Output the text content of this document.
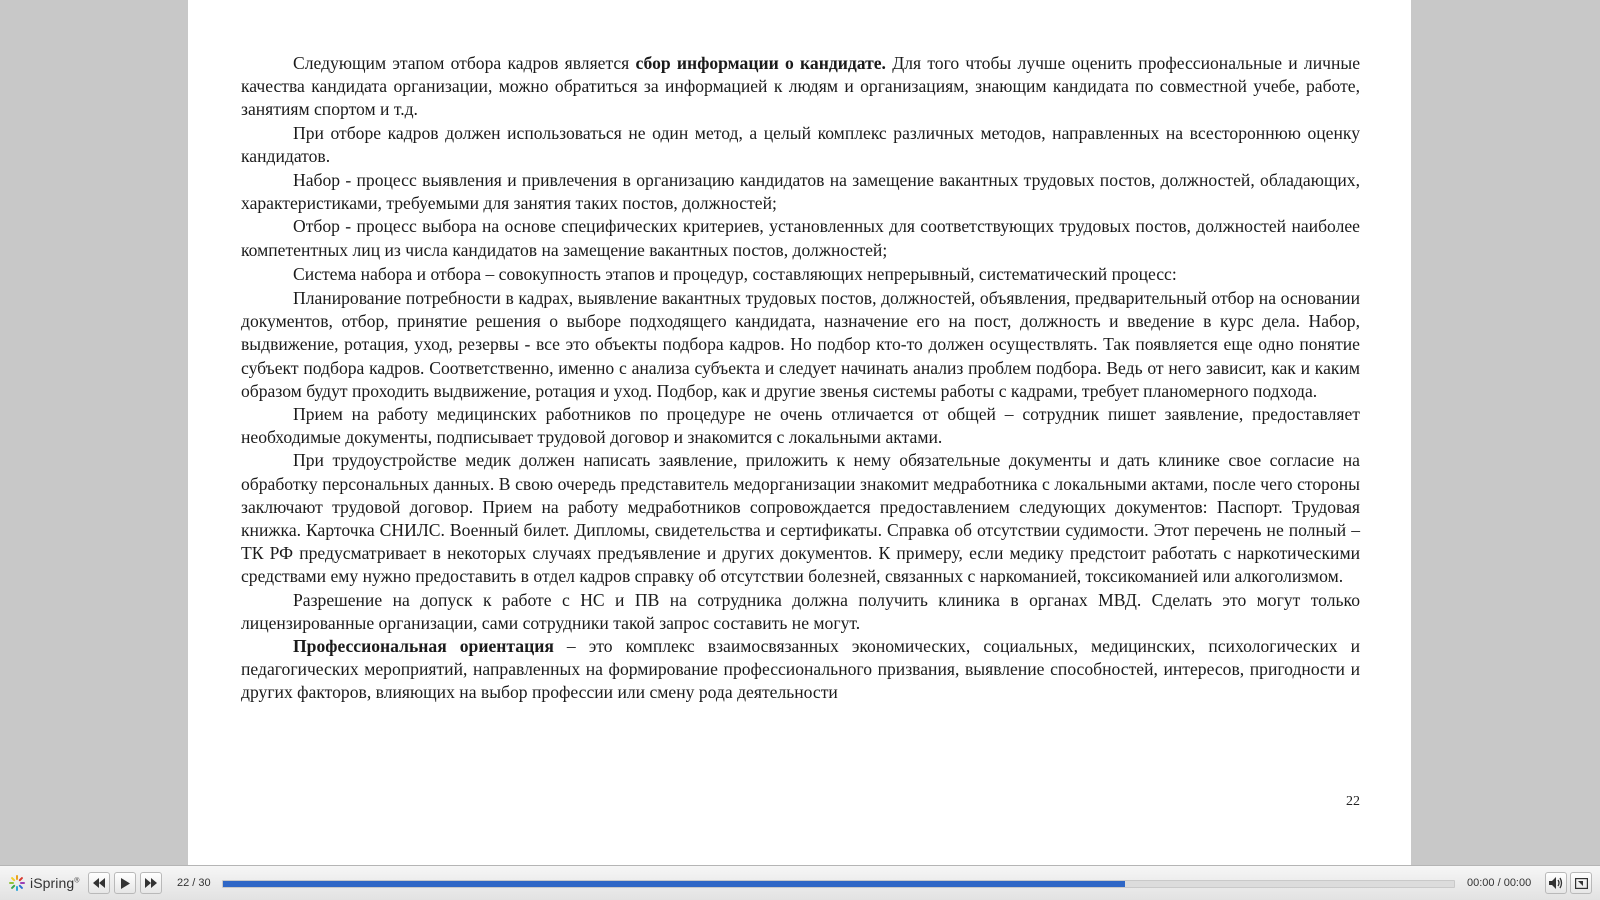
Следующим этапом отбора кадров является сбор информации о кандидате. Для того чтобы лучше оценить профессиональные и личные качества кандидата организации, можно обратиться за информацией к людям и организациям, знающим кандидата по совместной учебе, работе, занятиям спортом и т.д.

При отборе кадров должен использоваться не один метод, а целый комплекс различных методов, направленных на всестороннюю оценку кандидатов.

Набор - процесс выявления и привлечения в организацию кандидатов на замещение вакантных трудовых постов, должностей, обладающих, характеристиками, требуемыми для занятия таких постов, должностей;

Отбор - процесс выбора на основе специфических критериев, установленных для соответствующих трудовых постов, должностей наиболее компетентных лиц из числа кандидатов на замещение вакантных постов, должностей;

Система набора и отбора – совокупность этапов и процедур, составляющих непрерывный, систематический процесс:

Планирование потребности в кадрах, выявление вакантных трудовых постов, должностей, объявления, предварительный отбор на основании документов, отбор, принятие решения о выборе подходящего кандидата, назначение его на пост, должность и введение в курс дела. Набор, выдвижение, ротация, уход, резервы - все это объекты подбора кадров. Но подбор кто-то должен осуществлять. Так появляется еще одно понятие субъект подбора кадров. Соответственно, именно с анализа субъекта и следует начинать анализ проблем подбора. Ведь от него зависит, как и каким образом будут проходить выдвижение, ротация и уход. Подбор, как и другие звенья системы работы с кадрами, требует планомерного подхода.

Прием на работу медицинских работников по процедуре не очень отличается от общей – сотрудник пишет заявление, предоставляет необходимые документы, подписывает трудовой договор и знакомится с локальными актами.

При трудоустройстве медик должен написать заявление, приложить к нему обязательные документы и дать клинике свое согласие на обработку персональных данных. В свою очередь представитель медорганизации знакомит медработника с локальными актами, после чего стороны заключают трудовой договор. Прием на работу медработников сопровождается предоставлением следующих документов: Паспорт. Трудовая книжка. Карточка СНИЛС. Военный билет. Дипломы, свидетельства и сертификаты. Справка об отсутствии судимости. Этот перечень не полный – ТК РФ предусматривает в некоторых случаях предъявление и других документов. К примеру, если медику предстоит работать с наркотическими средствами ему нужно предоставить в отдел кадров справку об отсутствии болезней, связанных с наркоманией, токсикоманией или алкоголизмом.

Разрешение на допуск к работе с НС и ПВ на сотрудника должна получить клиника в органах МВД. Сделать это могут только лицензированные организации, сами сотрудники такой запрос составить не могут.

Профессиональная ориентация – это комплекс взаимосвязанных экономических, социальных, медицинских, психологических и педагогических мероприятий, направленных на формирование профессионального призвания, выявление способностей, интересов, пригодности и других факторов, влияющих на выбор профессии или смену рода деятельности

22
iSpring®	22 / 30	00:00 / 00:00
